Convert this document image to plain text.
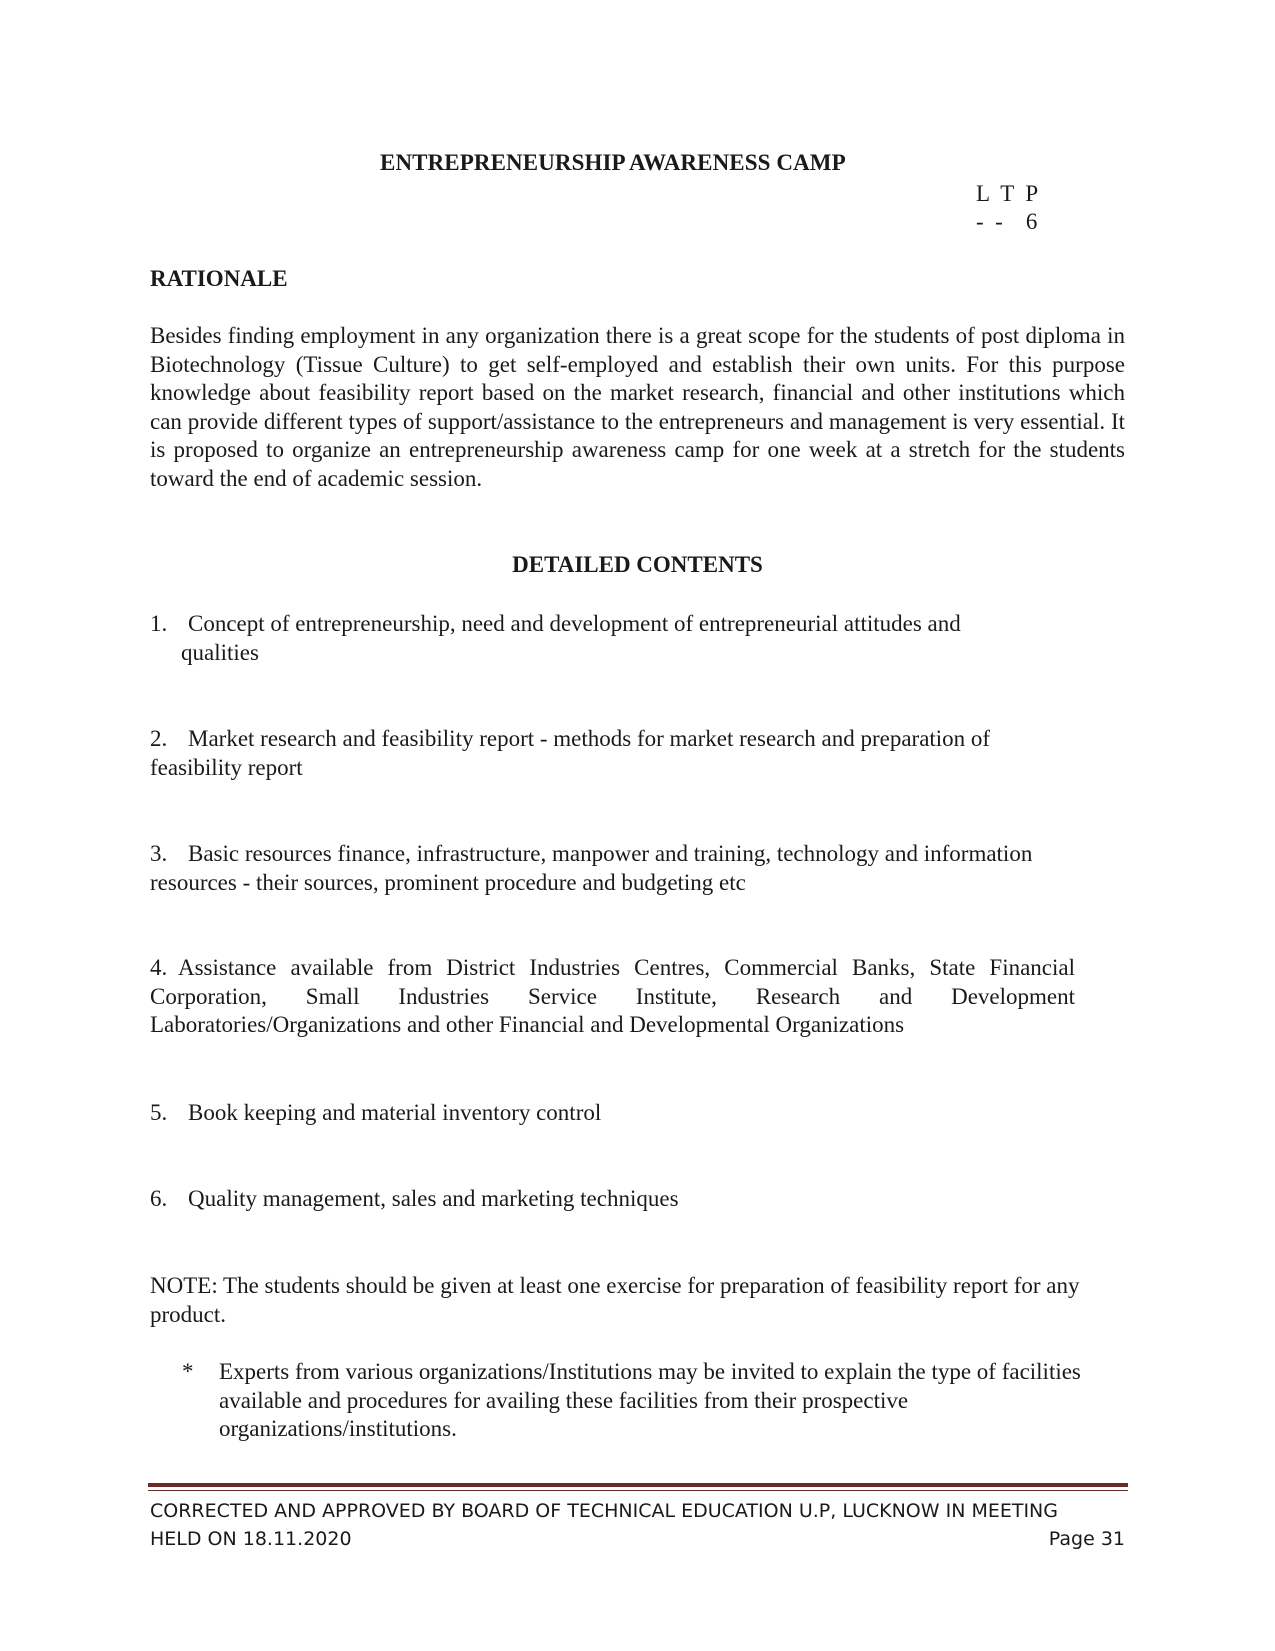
ENTREPRENEURSHIP AWARENESS CAMP
L  T  P
-  -    6
RATIONALE
Besides finding employment in any organization there is a great scope for the students of post diploma in Biotechnology (Tissue Culture) to get self-employed and establish their own units. For this purpose knowledge about feasibility report based on the market research, financial and other institutions which can provide different types of support/assistance to the entrepreneurs and management is very essential. It is proposed to organize an entrepreneurship awareness camp for one week at a stretch for the students toward the end of academic session.
DETAILED CONTENTS
1. Concept of entrepreneurship, need and development of entrepreneurial attitudes and
qualities
2. Market research and feasibility report - methods for market research and preparation of feasibility report
3. Basic resources finance, infrastructure, manpower and training, technology and information resources - their sources, prominent procedure and budgeting etc
4. Assistance available from District Industries Centres, Commercial Banks, State Financial Corporation, Small Industries Service Institute, Research and Development Laboratories/Organizations and other Financial and Developmental Organizations
5. Book keeping and material inventory control
6. Quality management, sales and marketing techniques
NOTE: The students should be given at least one exercise for preparation of feasibility report for any product.
*	Experts from various organizations/Institutions may be invited to explain the type of facilities available and procedures for availing these facilities from their prospective organizations/institutions.
CORRECTED AND APPROVED BY BOARD OF TECHNICAL EDUCATION U.P, LUCKNOW IN MEETING
HELD ON 18.11.2020	Page 31
